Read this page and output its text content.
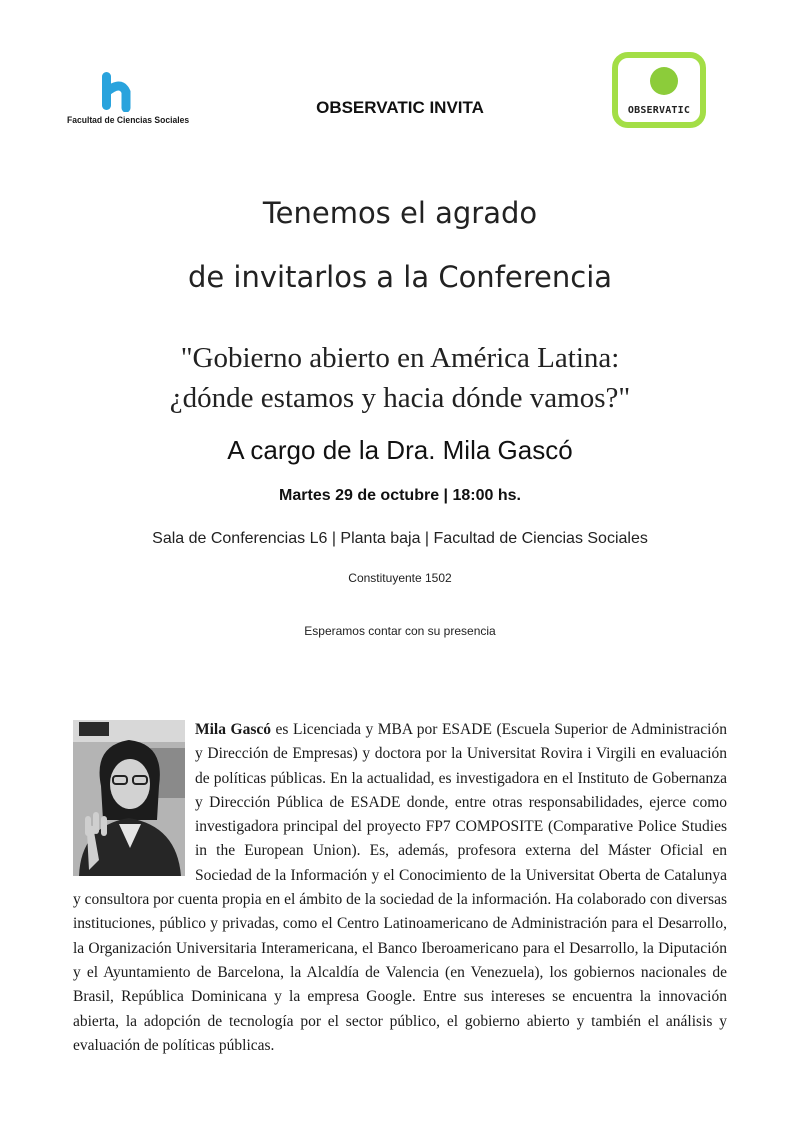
Facultad de Ciencias Sociales
OBSERVATIC INVITA	OBSERVATIC
Tenemos el agrado
de invitarlos a la Conferencia
"Gobierno abierto en América Latina:
¿dónde estamos y hacia dónde vamos?"
A cargo de la Dra. Mila Gascó
Martes 29 de octubre | 18:00 hs.
Sala de Conferencias L6 | Planta baja | Facultad de Ciencias Sociales
Constituyente 1502
Esperamos contar con su presencia
Mila Gascó es Licenciada y MBA por ESADE (Escuela Superior de Administración y Dirección de Empresas) y doctora por la Universitat Rovira i Virgili en evaluación de políticas públicas. En la actualidad, es investigadora en el Instituto de Gobernanza y Dirección Pública de ESADE donde, entre otras responsabilidades, ejerce como investigadora principal del proyecto FP7 COMPOSITE (Comparative Police Studies in the European Union). Es, además, profesora externa del Máster Oficial en Sociedad de la Información y el Conocimiento de la Universitat Oberta de Catalunya y consultora por cuenta propia en el ámbito de la sociedad de la información. Ha colaborado con diversas instituciones, público y privadas, como el Centro Latinoamericano de Administración para el Desarrollo, la Organización Universitaria Interamericana, el Banco Iberoamericano para el Desarrollo, la Diputación y el Ayuntamiento de Barcelona, la Alcaldía de Valencia (en Venezuela), los gobiernos nacionales de Brasil, República Dominicana y la empresa Google. Entre sus intereses se encuentra la innovación abierta, la adopción de tecnología por el sector público, el gobierno abierto y también el análisis y evaluación de políticas públicas.
